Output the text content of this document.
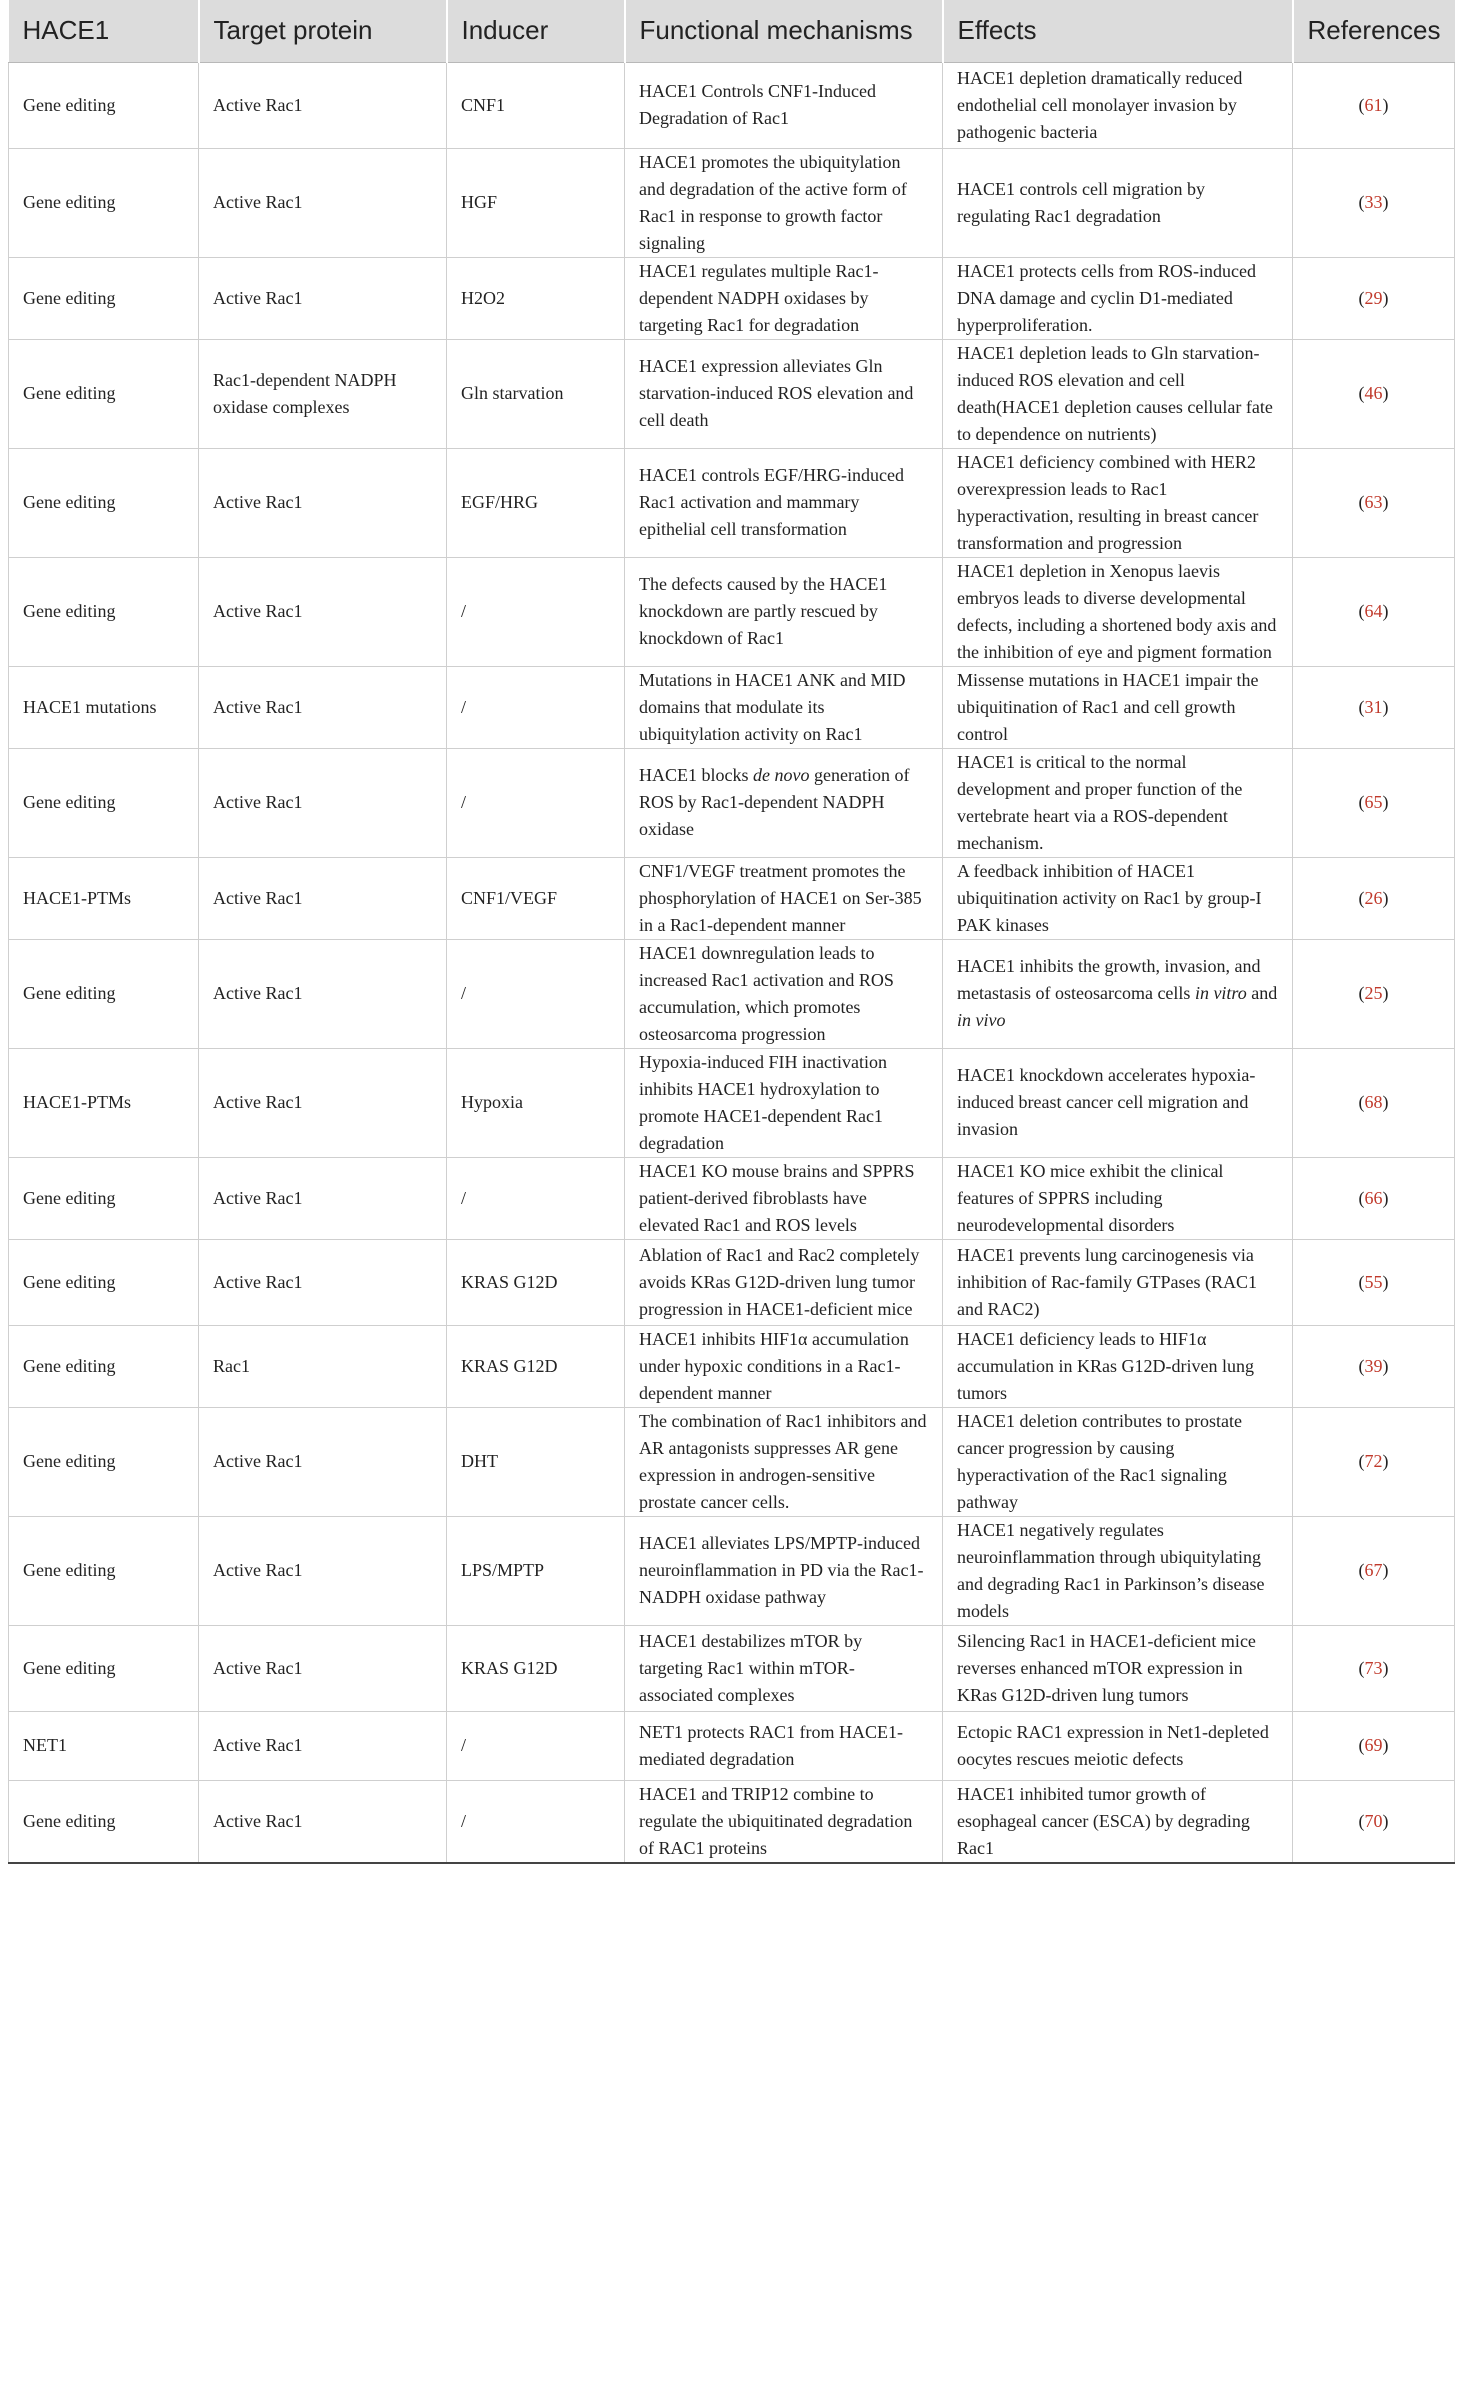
HACE1	Target protein	Inducer	Functional mechanisms	Effects	References
Gene editing	Active Rac1	CNF1	HACE1 Controls CNF1-Induced Degradation of Rac1	HACE1 depletion dramatically reduced endothelial cell monolayer invasion by pathogenic bacteria	(61)
Gene editing	Active Rac1	HGF	HACE1 promotes the ubiquitylation and degradation of the active form of Rac1 in response to growth factor signaling	HACE1 controls cell migration by regulating Rac1 degradation	(33)
Gene editing	Active Rac1	H2O2	HACE1 regulates multiple Rac1-dependent NADPH oxidases by targeting Rac1 for degradation	HACE1 protects cells from ROS-induced DNA damage and cyclin D1-mediated hyperproliferation.	(29)
Gene editing	Rac1-dependent NADPH oxidase complexes	Gln starvation	HACE1 expression alleviates Gln starvation-induced ROS elevation and cell death	HACE1 depletion leads to Gln starvation-induced ROS elevation and cell death(HACE1 depletion causes cellular fate to dependence on nutrients)	(46)
Gene editing	Active Rac1	EGF/HRG	HACE1 controls EGF/HRG-induced Rac1 activation and mammary epithelial cell transformation	HACE1 deficiency combined with HER2 overexpression leads to Rac1 hyperactivation, resulting in breast cancer transformation and progression	(63)
Gene editing	Active Rac1	/	The defects caused by the HACE1 knockdown are partly rescued by knockdown of Rac1	HACE1 depletion in Xenopus laevis embryos leads to diverse developmental defects, including a shortened body axis and the inhibition of eye and pigment formation	(64)
HACE1 mutations	Active Rac1	/	Mutations in HACE1 ANK and MID domains that modulate its ubiquitylation activity on Rac1	Missense mutations in HACE1 impair the ubiquitination of Rac1 and cell growth control	(31)
Gene editing	Active Rac1	/	HACE1 blocks de novo generation of ROS by Rac1-dependent NADPH oxidase	HACE1 is critical to the normal development and proper function of the vertebrate heart via a ROS-dependent mechanism.	(65)
HACE1-PTMs	Active Rac1	CNF1/VEGF	CNF1/VEGF treatment promotes the phosphorylation of HACE1 on Ser-385 in a Rac1-dependent manner	A feedback inhibition of HACE1 ubiquitination activity on Rac1 by group-I PAK kinases	(26)
Gene editing	Active Rac1	/	HACE1 downregulation leads to increased Rac1 activation and ROS accumulation, which promotes osteosarcoma progression	HACE1 inhibits the growth, invasion, and metastasis of osteosarcoma cells in vitro and in vivo	(25)
HACE1-PTMs	Active Rac1	Hypoxia	Hypoxia-induced FIH inactivation inhibits HACE1 hydroxylation to promote HACE1-dependent Rac1 degradation	HACE1 knockdown accelerates hypoxia-induced breast cancer cell migration and invasion	(68)
Gene editing	Active Rac1	/	HACE1 KO mouse brains and SPPRS patient-derived fibroblasts have elevated Rac1 and ROS levels	HACE1 KO mice exhibit the clinical features of SPPRS including neurodevelopmental disorders	(66)
Gene editing	Active Rac1	KRAS G12D	Ablation of Rac1 and Rac2 completely avoids KRas G12D-driven lung tumor progression in HACE1-deficient mice	HACE1 prevents lung carcinogenesis via inhibition of Rac-family GTPases (RAC1 and RAC2)	(55)
Gene editing	Rac1	KRAS G12D	HACE1 inhibits HIF1α accumulation under hypoxic conditions in a Rac1-dependent manner	HACE1 deficiency leads to HIF1α accumulation in KRas G12D-driven lung tumors	(39)
Gene editing	Active Rac1	DHT	The combination of Rac1 inhibitors and AR antagonists suppresses AR gene expression in androgen-sensitive prostate cancer cells.	HACE1 deletion contributes to prostate cancer progression by causing hyperactivation of the Rac1 signaling pathway	(72)
Gene editing	Active Rac1	LPS/MPTP	HACE1 alleviates LPS/MPTP-induced neuroinflammation in PD via the Rac1-NADPH oxidase pathway	HACE1 negatively regulates neuroinflammation through ubiquitylating and degrading Rac1 in Parkinson’s disease models	(67)
Gene editing	Active Rac1	KRAS G12D	HACE1 destabilizes mTOR by targeting Rac1 within mTOR-associated complexes	Silencing Rac1 in HACE1-deficient mice reverses enhanced mTOR expression in KRas G12D-driven lung tumors	(73)
NET1	Active Rac1	/	NET1 protects RAC1 from HACE1-mediated degradation	Ectopic RAC1 expression in Net1-depleted oocytes rescues meiotic defects	(69)
Gene editing	Active Rac1	/	HACE1 and TRIP12 combine to regulate the ubiquitinated degradation of RAC1 proteins	HACE1 inhibited tumor growth of esophageal cancer (ESCA) by degrading Rac1	(70)
